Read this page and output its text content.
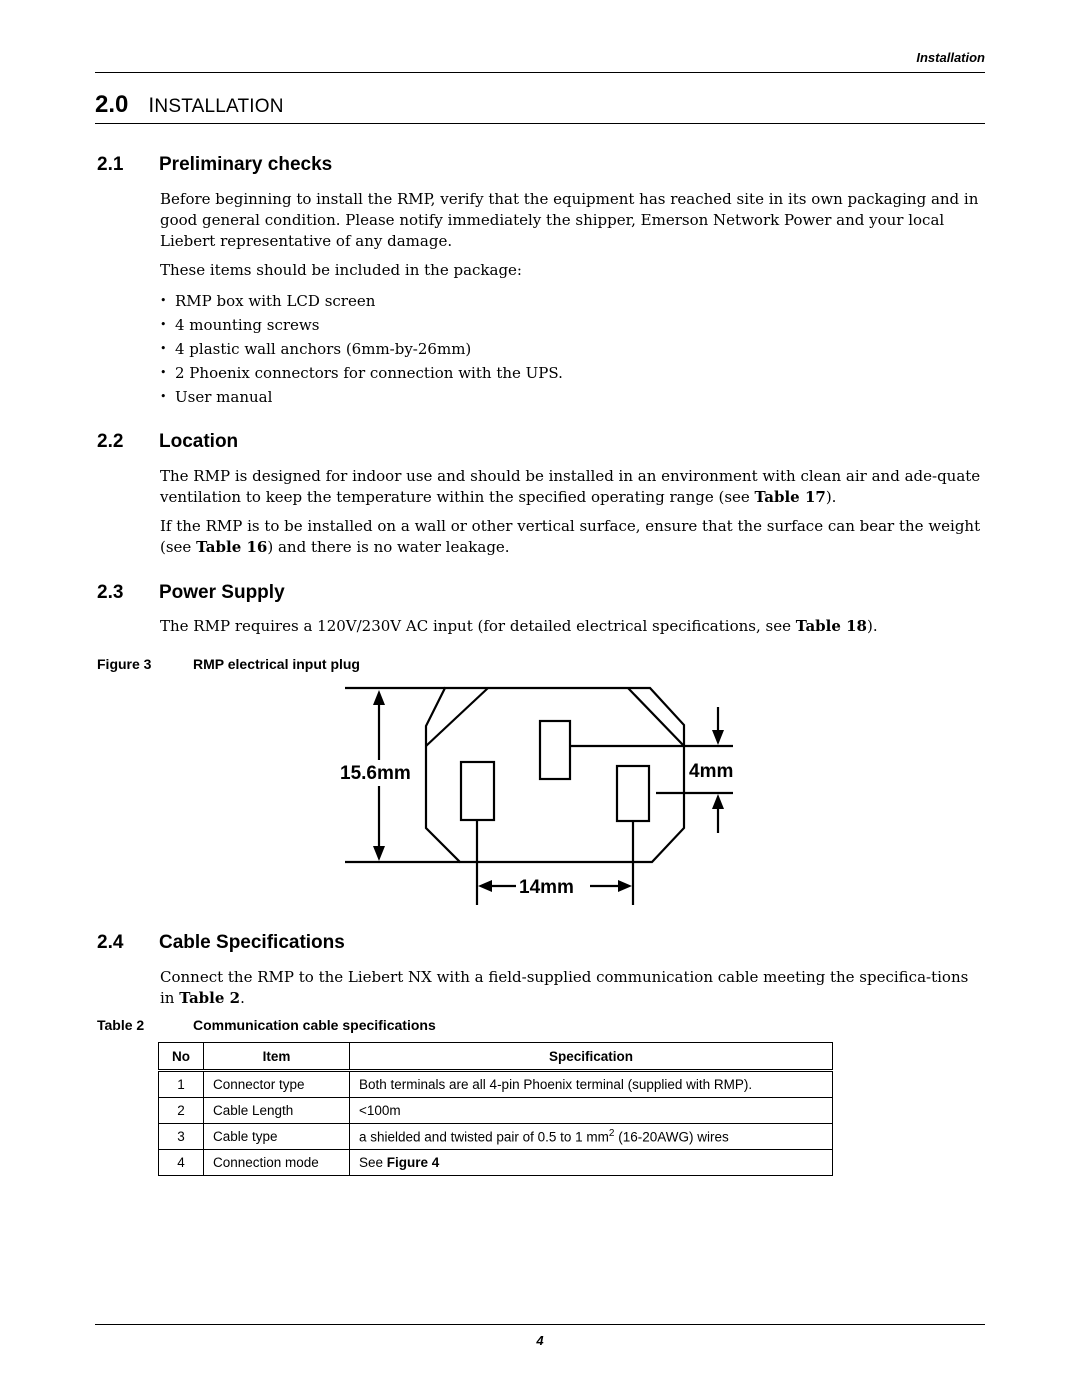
Installation
2.0 INSTALLATION
2.1 Preliminary checks
Before beginning to install the RMP, verify that the equipment has reached site in its own packaging and in good general condition. Please notify immediately the shipper, Emerson Network Power and your local Liebert representative of any damage.
These items should be included in the package:
• RMP box with LCD screen
• 4 mounting screws
• 4 plastic wall anchors (6mm-by-26mm)
• 2 Phoenix connectors for connection with the UPS.
• User manual
2.2 Location
The RMP is designed for indoor use and should be installed in an environment with clean air and ade-quate ventilation to keep the temperature within the specified operating range (see Table 17).
If the RMP is to be installed on a wall or other vertical surface, ensure that the surface can bear the weight (see Table 16) and there is no water leakage.
2.3 Power Supply
The RMP requires a 120V/230V AC input (for detailed electrical specifications, see Table 18).
Figure 3	RMP electrical input plug
15.6mm	4mm
14mm
2.4 Cable Specifications
Connect the RMP to the Liebert NX with a field-supplied communication cable meeting the specifica-tions in Table 2.
Table 2	Communication cable specifications
No	Item	Specification
1	Connector type	Both terminals are all 4-pin Phoenix terminal (supplied with RMP).
2	Cable Length	<100m
3	Cable type	a shielded and twisted pair of 0.5 to 1 $mm^2$ (16-20AWG) wires
4	Connection mode	See Figure 4
4
